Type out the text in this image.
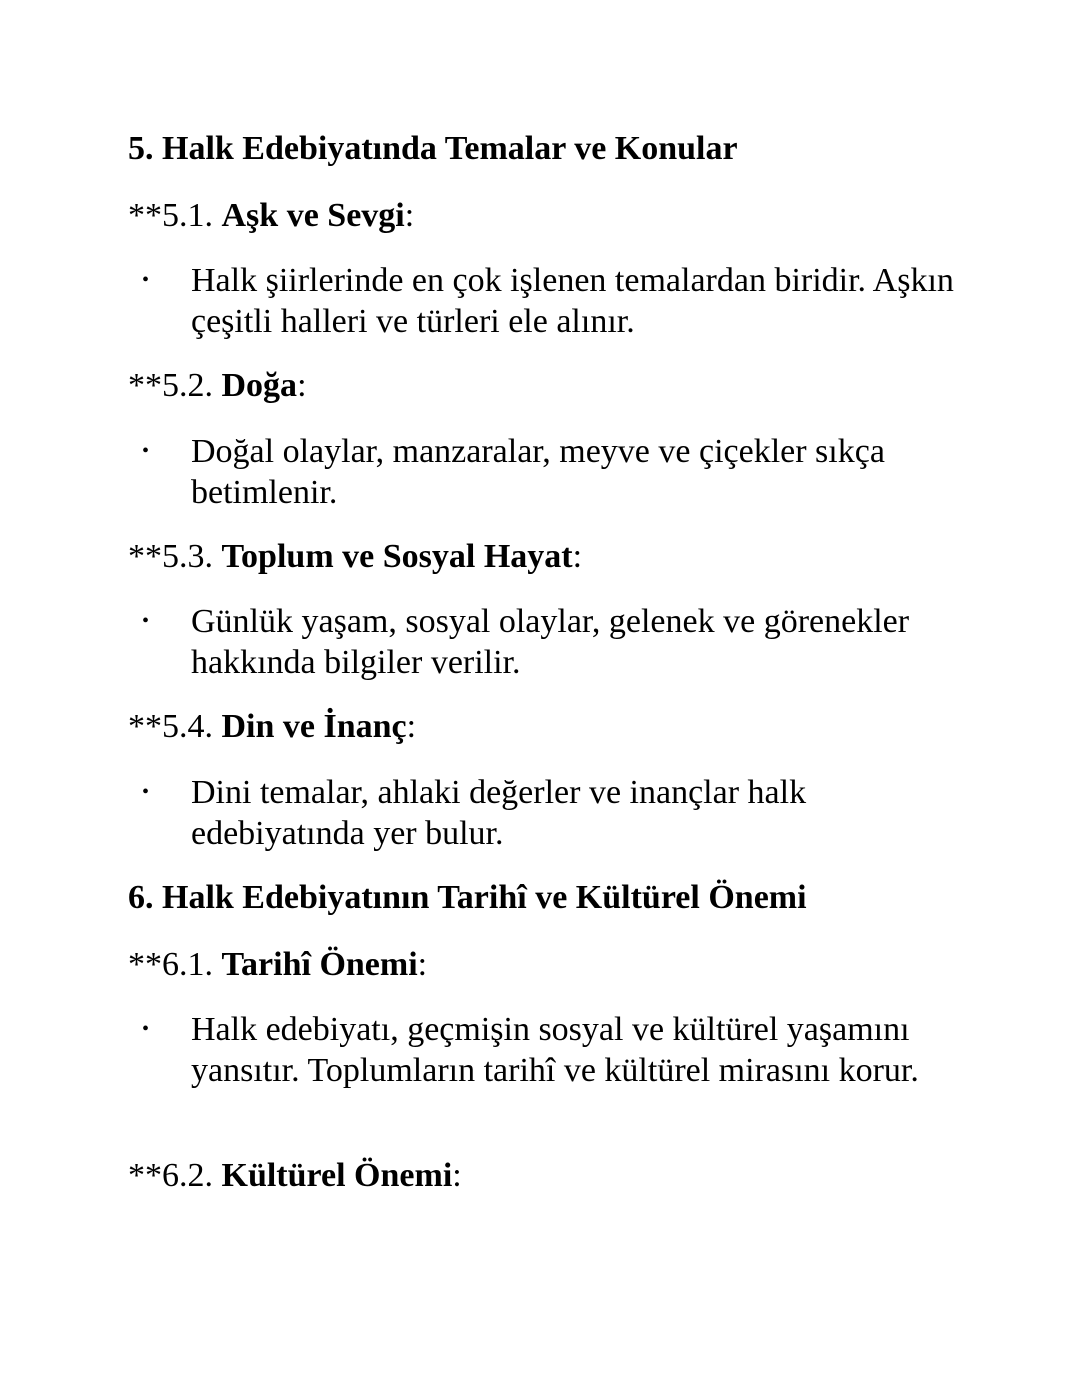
5. Halk Edebiyatında Temalar ve Konular
**5.1. Aşk ve Sevgi:
• Halk şiirlerinde en çok işlenen temalardan biridir. Aşkın çeşitli halleri ve türleri ele alınır.
**5.2. Doğa:
• Doğal olaylar, manzaralar, meyve ve çiçekler sıkça betimlenir.
**5.3. Toplum ve Sosyal Hayat:
• Günlük yaşam, sosyal olaylar, gelenek ve görenekler hakkında bilgiler verilir.
**5.4. Din ve İnanç:
• Dini temalar, ahlaki değerler ve inançlar halk edebiyatında yer bulur.
6. Halk Edebiyatının Tarihî ve Kültürel Önemi
**6.1. Tarihî Önemi:
• Halk edebiyatı, geçmişin sosyal ve kültürel yaşamını yansıtır. Toplumların tarihî ve kültürel mirasını korur.
**6.2. Kültürel Önemi:
